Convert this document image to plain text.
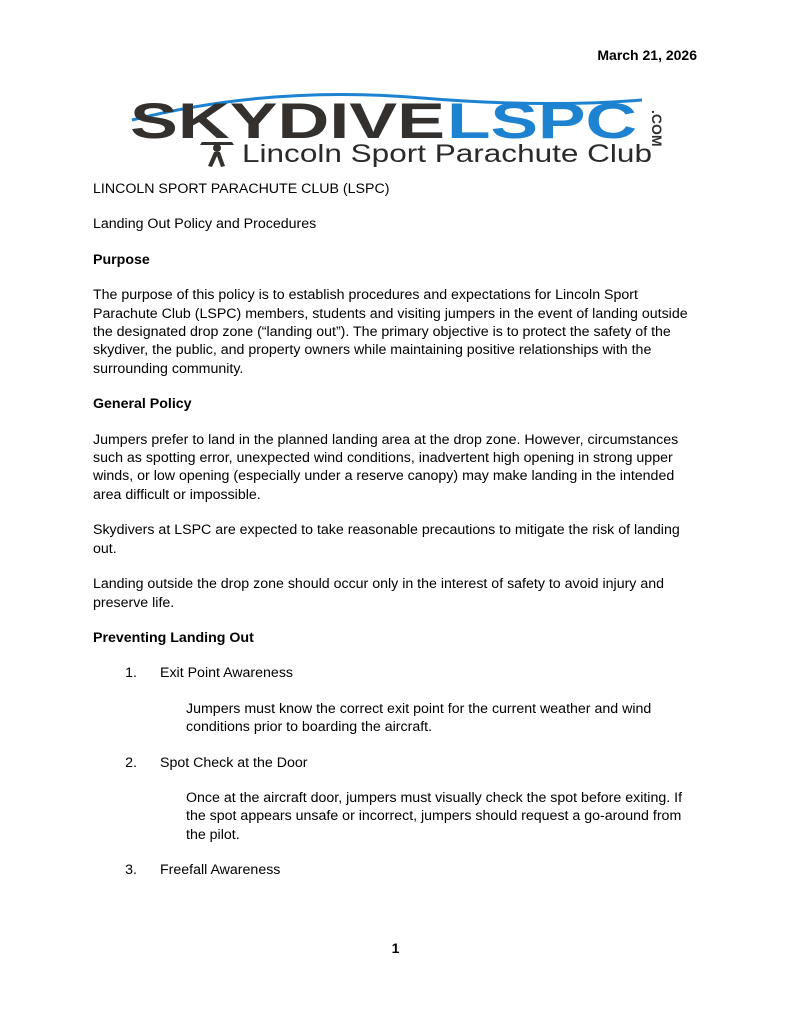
March 21, 2026
SKYDIVE LSPC .COM
Lincoln Sport Parachute Club

LINCOLN SPORT PARACHUTE CLUB (LSPC)

Landing Out Policy and Procedures

Purpose

The purpose of this policy is to establish procedures and expectations for Lincoln Sport Parachute Club (LSPC) members, students and visiting jumpers in the event of landing outside the designated drop zone (“landing out”). The primary objective is to protect the safety of the skydiver, the public, and property owners while maintaining positive relationships with the surrounding community.

General Policy

Jumpers prefer to land in the planned landing area at the drop zone. However, circumstances such as spotting error, unexpected wind conditions, inadvertent high opening in strong upper winds, or low opening (especially under a reserve canopy) may make landing in the intended area difficult or impossible.

Skydivers at LSPC are expected to take reasonable precautions to mitigate the risk of landing out.

Landing outside the drop zone should occur only in the interest of safety to avoid injury and preserve life.

Preventing Landing Out
1.	Exit Point Awareness
Jumpers must know the correct exit point for the current weather and wind conditions prior to boarding the aircraft.
2.	Spot Check at the Door
Once at the aircraft door, jumpers must visually check the spot before exiting. If the spot appears unsafe or incorrect, jumpers should request a go-around from the pilot.
3.	Freefall Awareness
1
